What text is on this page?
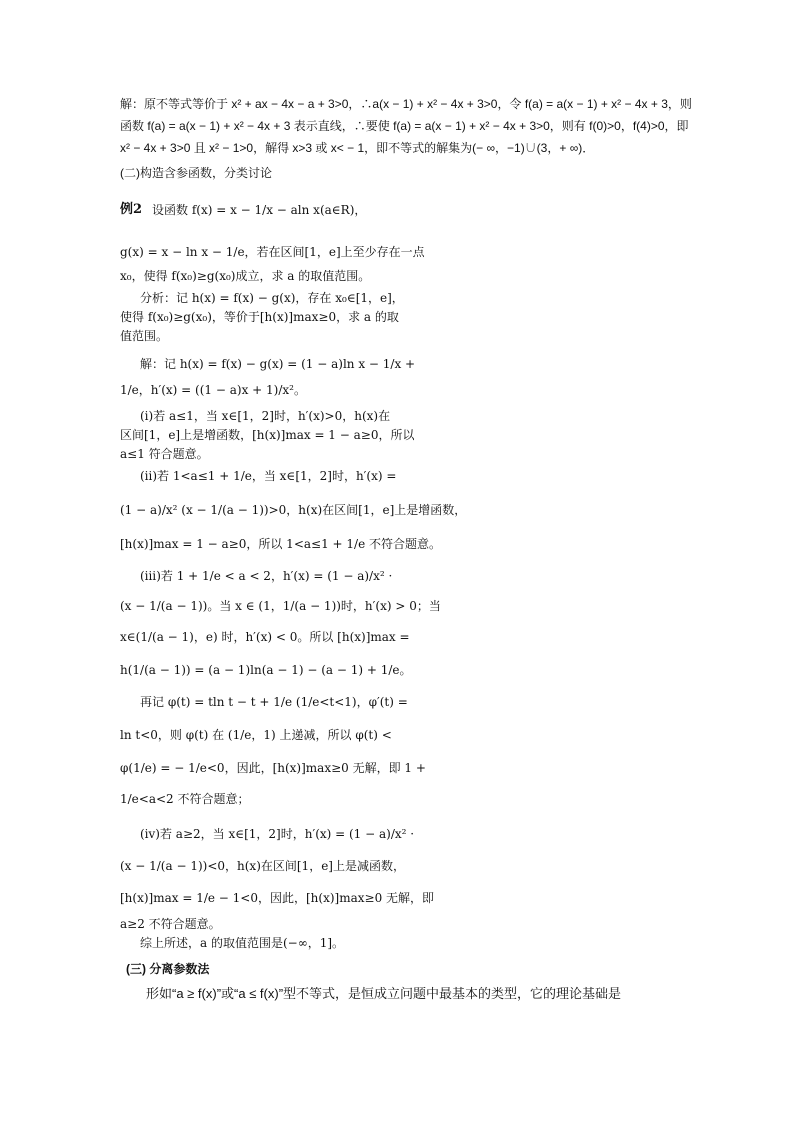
解：原不等式等价于 x² + ax − 4x − a + 3>0，∴a(x − 1) + x² − 4x + 3>0，令 f(a) = a(x − 1) + x² − 4x + 3，则
函数 f(a) = a(x − 1) + x² − 4x + 3 表示直线，∴要使 f(a) = a(x − 1) + x² − 4x + 3>0，则有 f(0)>0，f(4)>0，即
x² − 4x + 3>0 且 x² − 1>0，解得 x>3 或 x< − 1，即不等式的解集为(− ∞，−1)∪(3，+ ∞)．
(二)构造含参函数，分类讨论
例2 设函数 f(x) = x − 1/x − aln x(a∈R)，
g(x) = x − ln x − 1/e，若在区间[1，e]上至少存在一点
x₀，使得 f(x₀)≥g(x₀)成立，求 a 的取值范围。
分析：记 h(x) = f(x) − g(x)，存在 x₀∈[1，e]，
使得 f(x₀)≥g(x₀)，等价于[h(x)]max≥0，求 a 的取
值范围。
解：记 h(x) = f(x) − g(x) = (1 − a)ln x − 1/x +
1/e，h′(x) = ((1 − a)x + 1)/x²。
(ⅰ)若 a≤1，当 x∈[1，2]时，h′(x)>0，h(x)在
区间[1，e]上是增函数，[h(x)]max = 1 − a≥0，所以
a≤1 符合题意。
(ⅱ)若 1<a≤1 + 1/e，当 x∈[1，2]时，h′(x) =
(1 − a)/x² (x − 1/(a − 1))>0，h(x)在区间[1，e]上是增函数，
[h(x)]max = 1 − a≥0，所以 1<a≤1 + 1/e 不符合题意。
(ⅲ)若 1 + 1/e < a < 2，h′(x) = (1 − a)/x² ·
(x − 1/(a − 1))。当 x ∈ (1，1/(a − 1))时，h′(x) > 0；当
x∈(1/(a − 1)，e) 时，h′(x) < 0。所以 [h(x)]max =
h(1/(a − 1)) = (a − 1)ln(a − 1) − (a − 1) + 1/e。
再记 φ(t) = tln t − t + 1/e (1/e<t<1)，φ′(t) =
ln t<0，则 φ(t) 在 (1/e，1) 上递减，所以 φ(t) <
φ(1/e) = − 1/e<0，因此，[h(x)]max≥0 无解，即 1 +
1/e<a<2 不符合题意；
(ⅳ)若 a≥2，当 x∈[1，2]时，h′(x) = (1 − a)/x² ·
(x − 1/(a − 1))<0，h(x)在区间[1，e]上是减函数，
[h(x)]max = 1/e − 1<0，因此，[h(x)]max≥0 无解，即
a≥2 不符合题意。
综上所述，a 的取值范围是(−∞，1]。
(三) 分离参数法
形如“a ≥ f(x)”或“a ≤ f(x)”型不等式，是恒成立问题中最基本的类型，它的理论基础是
